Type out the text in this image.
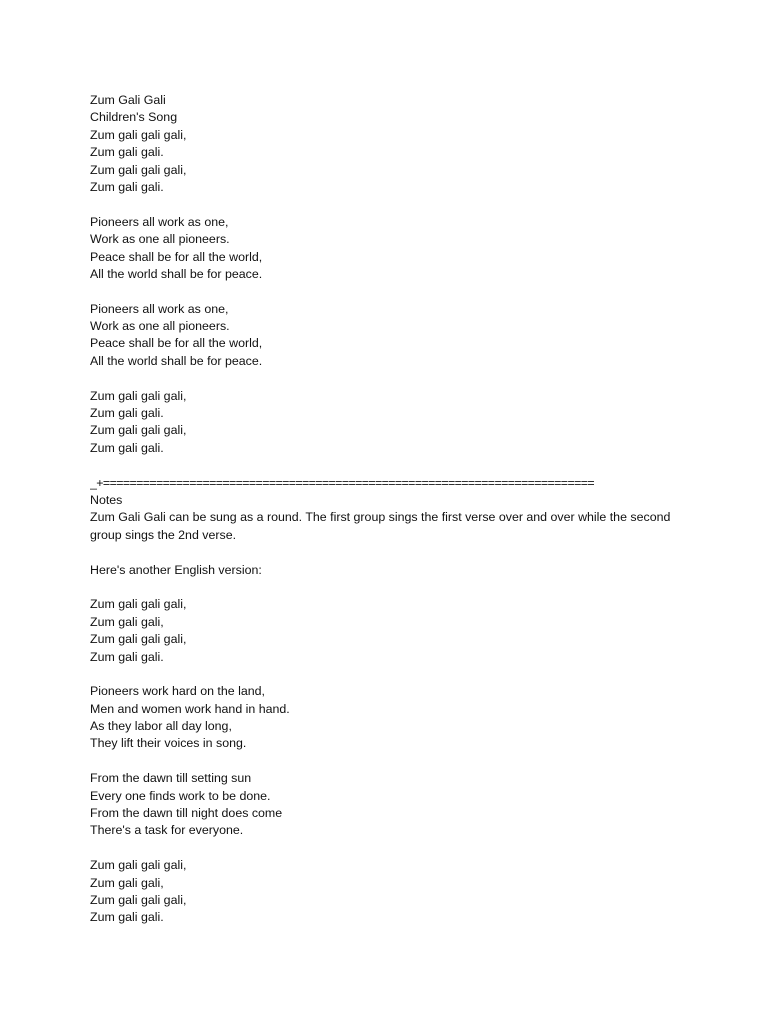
Zum Gali Gali
Children's Song
Zum gali gali gali,
Zum gali gali.
Zum gali gali gali,
Zum gali gali.
Pioneers all work as one,
Work as one all pioneers.
Peace shall be for all the world,
All the world shall be for peace.
Pioneers all work as one,
Work as one all pioneers.
Peace shall be for all the world,
All the world shall be for peace.
Zum gali gali gali,
Zum gali gali.
Zum gali gali gali,
Zum gali gali.
_+==========================================================================
Notes
Zum Gali Gali can be sung as a round. The first group sings the first verse over and over while the second group sings the 2nd verse.
Here's another English version:
Zum gali gali gali,
Zum gali gali,
Zum gali gali gali,
Zum gali gali.
Pioneers work hard on the land,
Men and women work hand in hand.
As they labor all day long,
They lift their voices in song.
From the dawn till setting sun
Every one finds work to be done.
From the dawn till night does come
There's a task for everyone.
Zum gali gali gali,
Zum gali gali,
Zum gali gali gali,
Zum gali gali.
